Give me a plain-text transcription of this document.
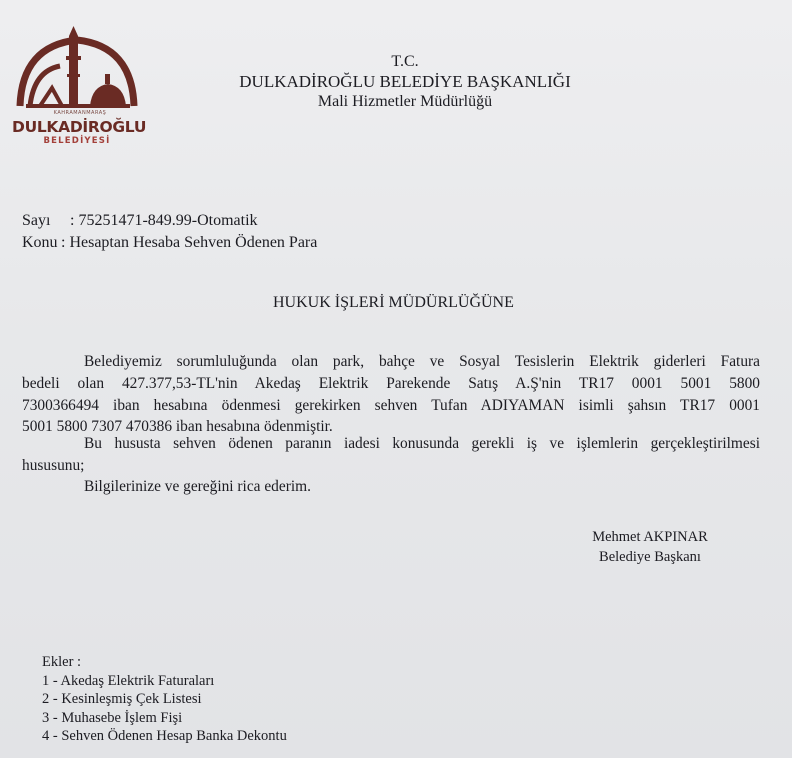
KAHRAMANMARAŞ
DULKADİROĞLU
BELEDİYESİ
T.C.
DULKADİROĞLU BELEDİYE BAŞKANLIĞI
Mali Hizmetler Müdürlüğü
Sayı : 75251471-849.99-Otomatik
Konu : Hesaptan Hesaba Sehven Ödenen Para
HUKUK İŞLERİ MÜDÜRLÜĞÜNE
Belediyemiz sorumluluğunda olan park, bahçe ve Sosyal Tesislerin Elektrik giderleri Fatura
bedeli olan 427.377,53-TL'nin Akedaş Elektrik Parekende Satış A.Ş'nin TR17 0001 5001 5800
7300366494 iban hesabına ödenmesi gerekirken sehven Tufan ADIYAMAN isimli şahsın TR17 0001
5001 5800 7307 470386 iban hesabına ödenmiştir.
Bu hususta sehven ödenen paranın iadesi konusunda gerekli iş ve işlemlerin gerçekleştirilmesi
hususunu;
Bilgilerinize ve gereğini rica ederim.
Mehmet AKPINAR
Belediye Başkanı
Ekler :
1 - Akedaş Elektrik Faturaları
2 - Kesinleşmiş Çek Listesi
3 - Muhasebe İşlem Fişi
4 - Sehven Ödenen Hesap Banka Dekontu
